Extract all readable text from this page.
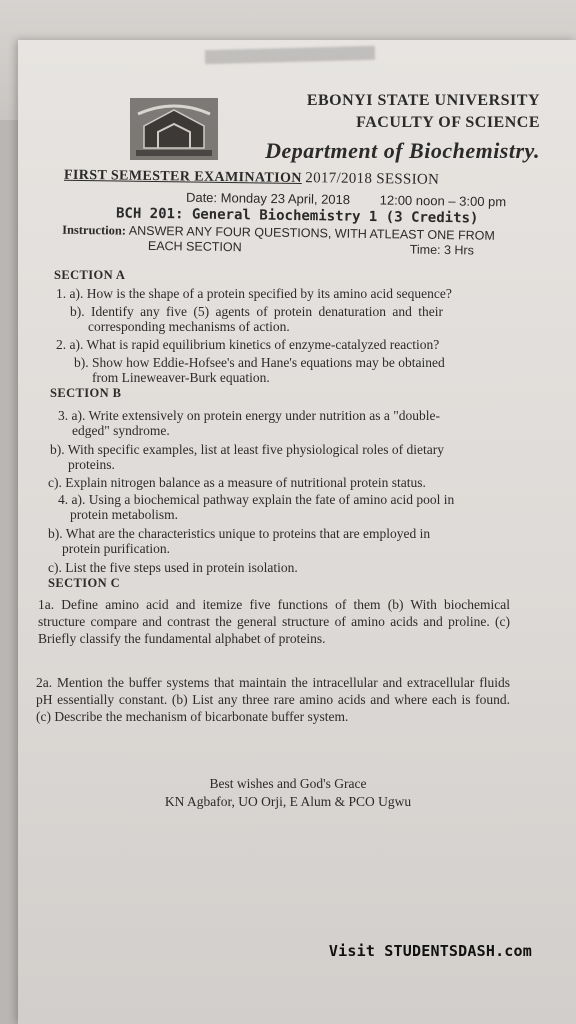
EBONYI STATE UNIVERSITY
FACULTY OF SCIENCE
Department of Biochemistry.
FIRST SEMESTER EXAMINATION 2017/2018 SESSION
Date: Monday 23 April, 2018 12:00 noon – 3:00 pm
BCH 201: General Biochemistry 1 (3 Credits)
Instruction: ANSWER ANY FOUR QUESTIONS, WITH ATLEAST ONE FROM
EACH SECTION	Time: 3 Hrs
SECTION A
1. a). How is the shape of a protein specified by its amino acid sequence?
b). Identify any five (5) agents of protein denaturation and their
corresponding mechanisms of action.
2. a). What is rapid equilibrium kinetics of enzyme-catalyzed reaction?
b). Show how Eddie-Hofsee's and Hane's equations may be obtained
from Lineweaver-Burk equation.
SECTION B
3. a). Write extensively on protein energy under nutrition as a "double-
edged" syndrome.
b). With specific examples, list at least five physiological roles of dietary
proteins.
c). Explain nitrogen balance as a measure of nutritional protein status.
4. a). Using a biochemical pathway explain the fate of amino acid pool in
protein metabolism.
b). What are the characteristics unique to proteins that are employed in
protein purification.
c). List the five steps used in protein isolation.
SECTION C
1a. Define amino acid and itemize five functions of them (b) With biochemical structure compare and contrast the general structure of amino acids and proline. (c) Briefly classify the fundamental alphabet of proteins.
2a. Mention the buffer systems that maintain the intracellular and extracellular fluids pH essentially constant. (b) List any three rare amino acids and where each is found. (c) Describe the mechanism of bicarbonate buffer system.
Best wishes and God's Grace
KN Agbafor, UO Orji, E Alum & PCO Ugwu
Visit STUDENTSDASH.com
